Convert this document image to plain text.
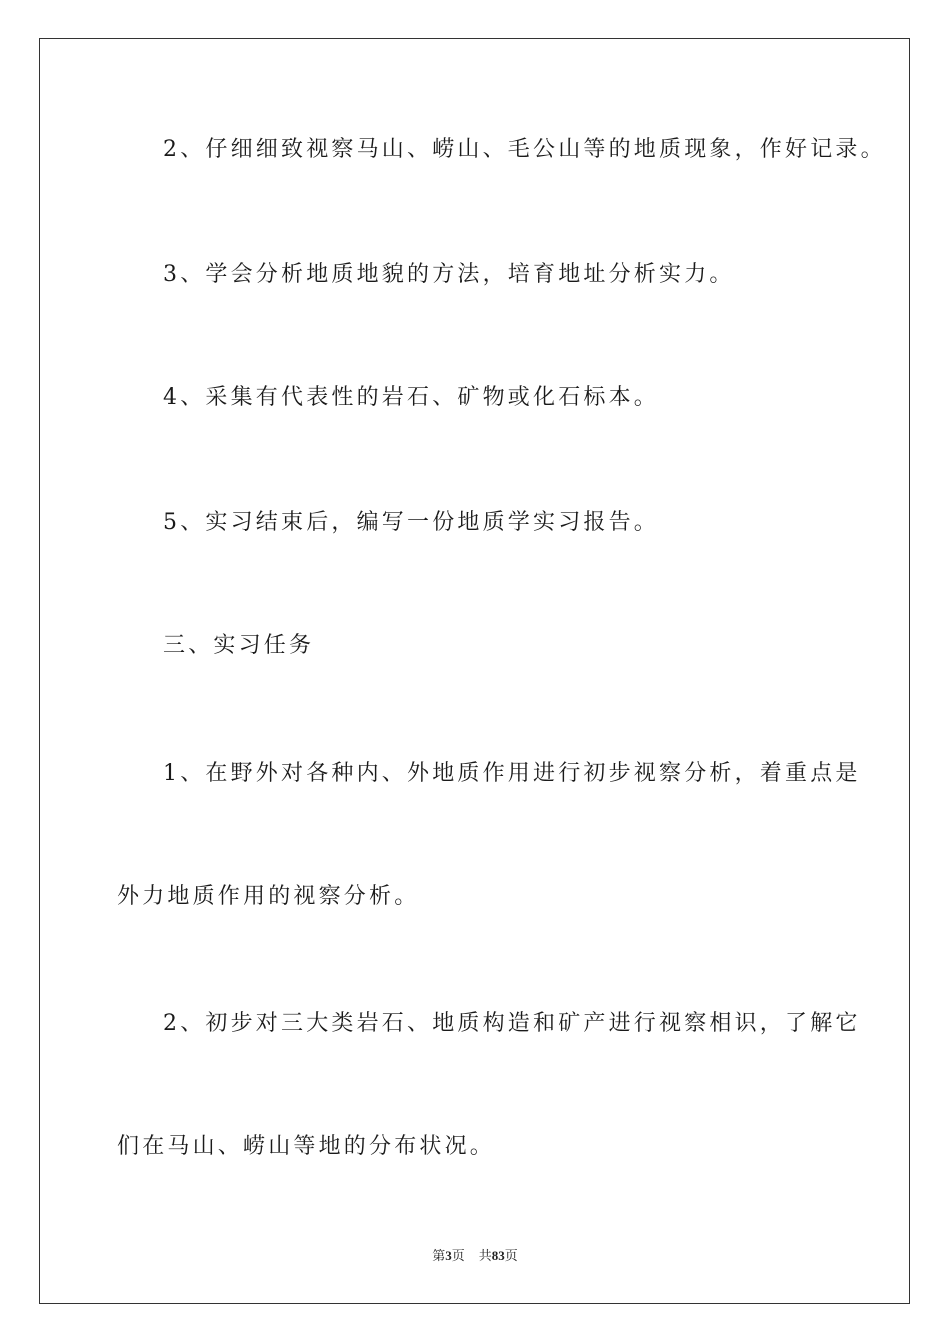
2、仔细细致视察马山、崂山、毛公山等的地质现象，作好记录。
3、学会分析地质地貌的方法，培育地址分析实力。
4、采集有代表性的岩石、矿物或化石标本。
5、实习结束后，编写一份地质学实习报告。
三、实习任务
1、在野外对各种内、外地质作用进行初步视察分析，着重点是
外力地质作用的视察分析。
2、初步对三大类岩石、地质构造和矿产进行视察相识，了解它
们在马山、崂山等地的分布状况。
第3页 共83页
